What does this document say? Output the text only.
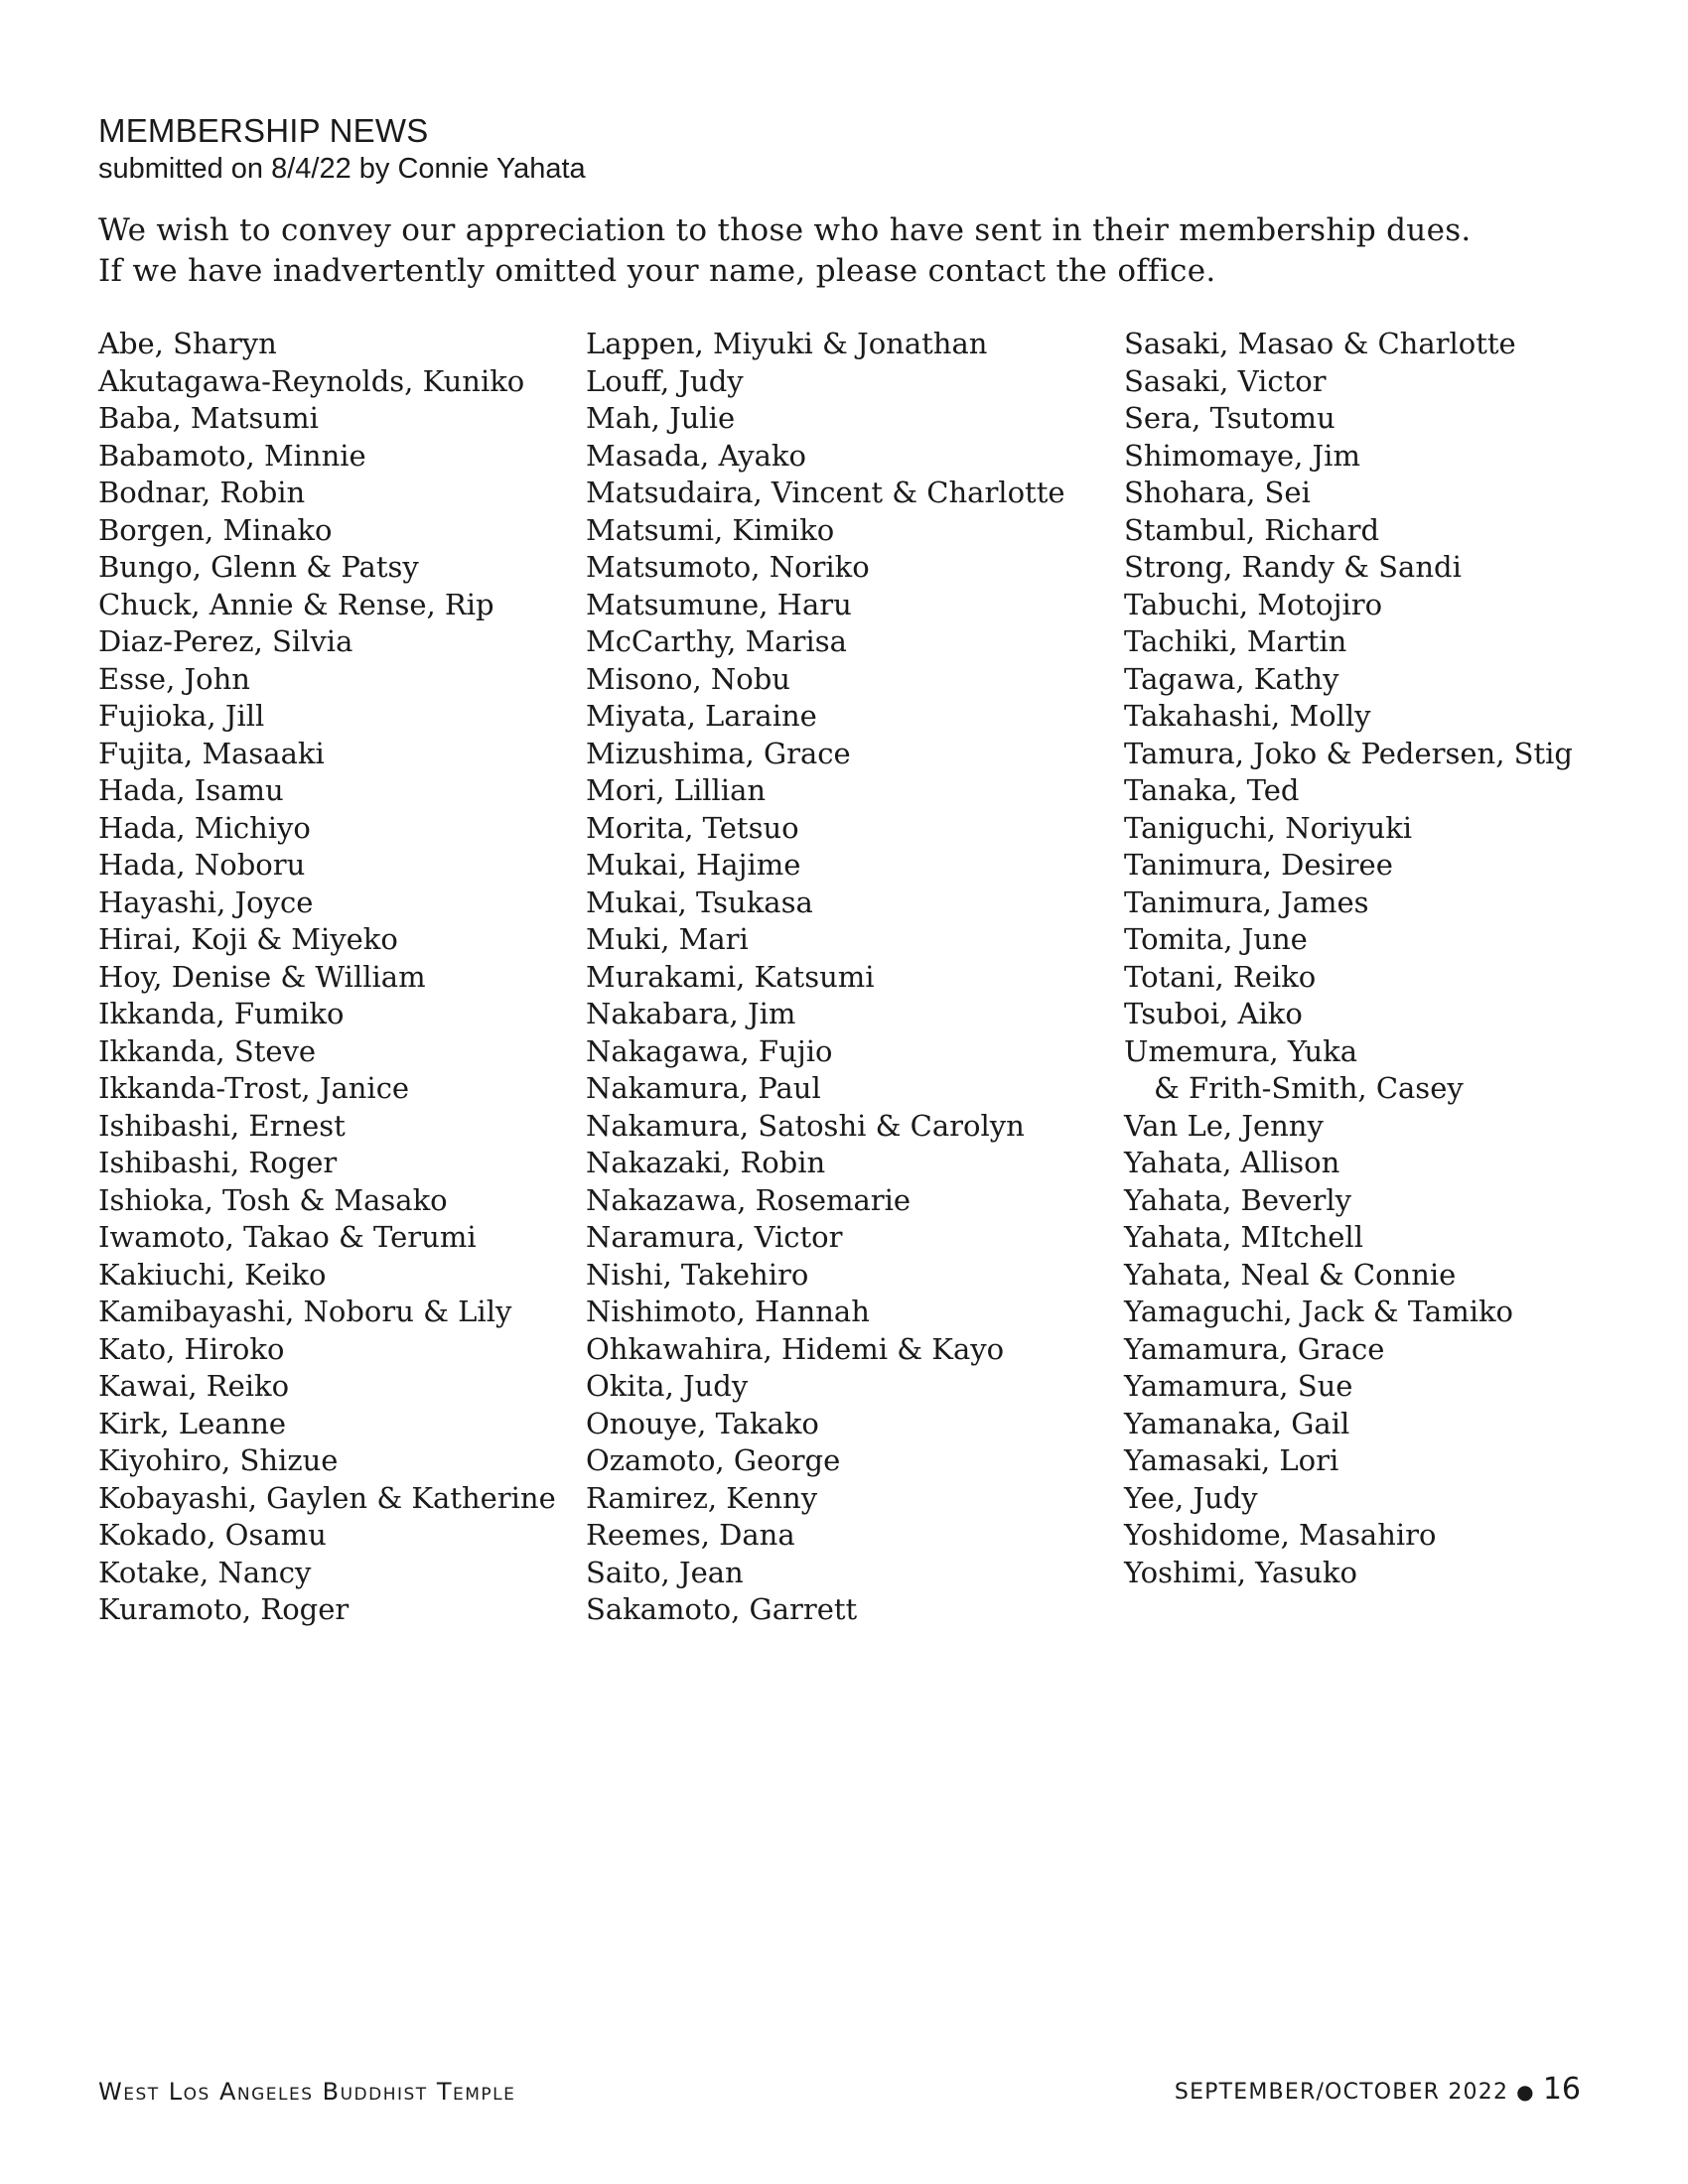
MEMBERSHIP NEWS
submitted on 8/4/22 by Connie Yahata

We wish to convey our appreciation to those who have sent in their membership dues.

If we have inadvertently omitted your name, please contact the office.

Abe, Sharyn
Akutagawa-Reynolds, Kuniko
Baba, Matsumi
Babamoto, Minnie
Bodnar, Robin
Borgen, Minako
Bungo, Glenn & Patsy
Chuck, Annie & Rense, Rip
Diaz-Perez, Silvia
Esse, John
Fujioka, Jill
Fujita, Masaaki
Hada, Isamu
Hada, Michiyo
Hada, Noboru
Hayashi, Joyce
Hirai, Koji & Miyeko
Hoy, Denise & William
Ikkanda, Fumiko
Ikkanda, Steve
Ikkanda-Trost, Janice
Ishibashi, Ernest
Ishibashi, Roger
Ishioka, Tosh & Masako
Iwamoto, Takao & Terumi
Kakiuchi, Keiko
Kamibayashi, Noboru & Lily
Kato, Hiroko
Kawai, Reiko
Kirk, Leanne
Kiyohiro, Shizue
Kobayashi, Gaylen & Katherine
Kokado, Osamu
Kotake, Nancy
Kuramoto, Roger
Lappen, Miyuki & Jonathan
Louff, Judy
Mah, Julie
Masada, Ayako
Matsudaira, Vincent & Charlotte
Matsumi, Kimiko
Matsumoto, Noriko
Matsumune, Haru
McCarthy, Marisa
Misono, Nobu
Miyata, Laraine
Mizushima, Grace
Mori, Lillian
Morita, Tetsuo
Mukai, Hajime
Mukai, Tsukasa
Muki, Mari
Murakami, Katsumi
Nakabara, Jim
Nakagawa, Fujio
Nakamura, Paul
Nakamura, Satoshi & Carolyn
Nakazaki, Robin
Nakazawa, Rosemarie
Naramura, Victor
Nishi, Takehiro
Nishimoto, Hannah
Ohkawahira, Hidemi & Kayo
Okita, Judy
Onouye, Takako
Ozamoto, George
Ramirez, Kenny
Reemes, Dana
Saito, Jean
Sakamoto, Garrett
Sasaki, Masao & Charlotte
Sasaki, Victor
Sera, Tsutomu
Shimomaye, Jim
Shohara, Sei
Stambul, Richard
Strong, Randy & Sandi
Tabuchi, Motojiro
Tachiki, Martin
Tagawa, Kathy
Takahashi, Molly
Tamura, Joko & Pedersen, Stig
Tanaka, Ted
Taniguchi, Noriyuki
Tanimura, Desiree
Tanimura, James
Tomita, June
Totani, Reiko
Tsuboi, Aiko
Umemura, Yuka
& Frith-Smith, Casey
Van Le, Jenny
Yahata, Allison
Yahata, Beverly
Yahata, MItchell
Yahata, Neal & Connie
Yamaguchi, Jack & Tamiko
Yamamura, Grace
Yamamura, Sue
Yamanaka, Gail
Yamasaki, Lori
Yee, Judy
Yoshidome, Masahiro
Yoshimi, Yasuko
West Los Angeles Buddhist Temple	SEPTEMBER/OCTOBER 2022 ● 16
